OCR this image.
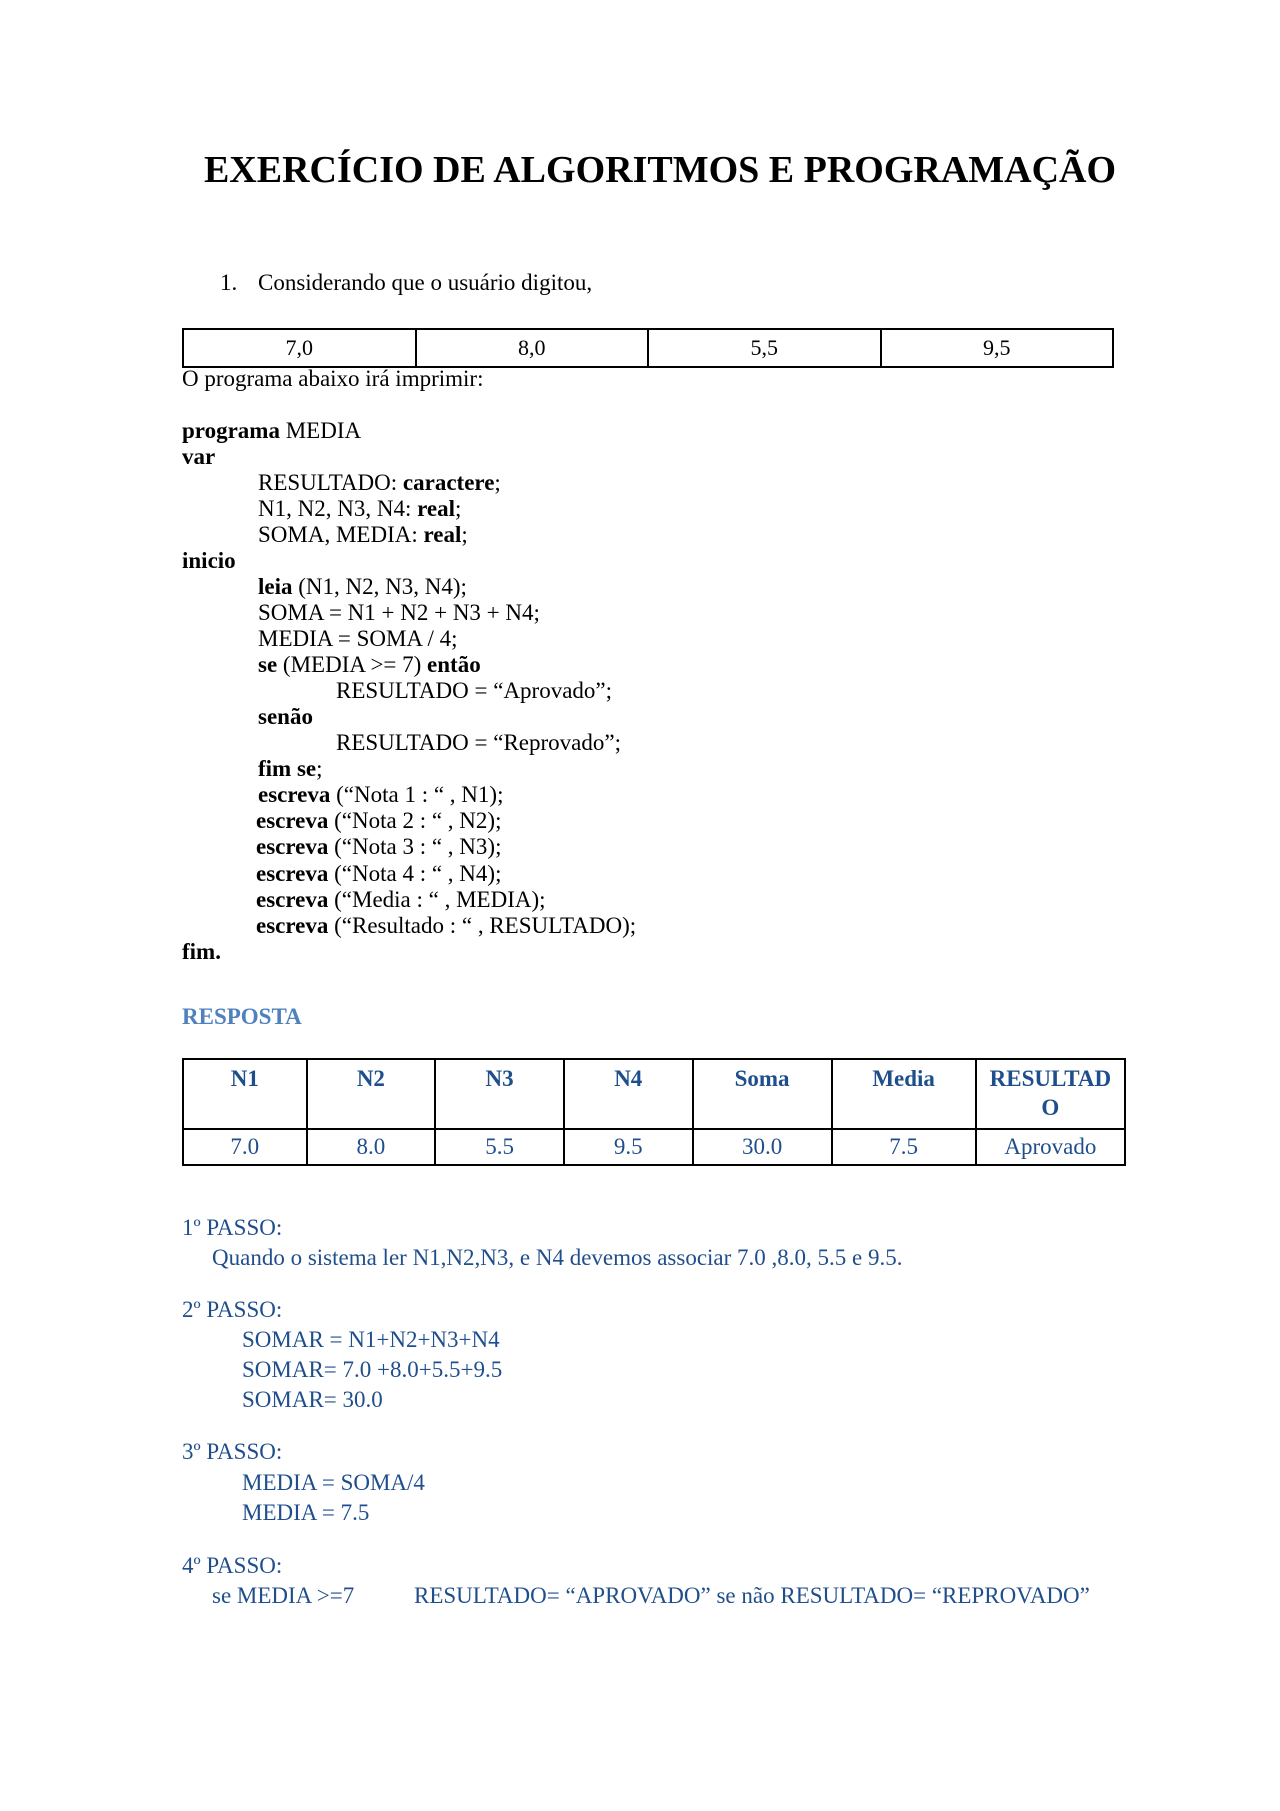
EXERCÍCIO DE ALGORITMOS E PROGRAMAÇÃO
1. Considerando que o usuário digitou,
7,0	8,0	5,5	9,5
O programa abaixo irá imprimir:
programa MEDIA
var
RESULTADO: caractere;
N1, N2, N3, N4: real;
SOMA, MEDIA: real;
inicio
leia (N1, N2, N3, N4);
SOMA = N1 + N2 + N3 + N4;
MEDIA = SOMA / 4;
se (MEDIA >= 7) então
RESULTADO = “Aprovado”;
senão
RESULTADO = “Reprovado”;
fim se;
escreva (“Nota 1 : “ , N1);
escreva (“Nota 2 : “ , N2);
escreva (“Nota 3 : “ , N3);
escreva (“Nota 4 : “ , N4);
escreva (“Media : “ , MEDIA);
escreva (“Resultado : “ , RESULTADO);
fim.
RESPOSTA
N1	N2	N3	N4	Soma	Media	RESULTAD
O
7.0	8.0	5.5	9.5	30.0	7.5	Aprovado
1º PASSO:
Quando o sistema ler N1,N2,N3, e N4 devemos associar 7.0 ,8.0, 5.5 e 9.5.
2º PASSO:
SOMAR = N1+N2+N3+N4
SOMAR= 7.0 +8.0+5.5+9.5
SOMAR= 30.0
3º PASSO:
MEDIA = SOMA/4
MEDIA = 7.5
4º PASSO:
se MEDIA >=7	RESULTADO= “APROVADO” se não RESULTADO= “REPROVADO”
